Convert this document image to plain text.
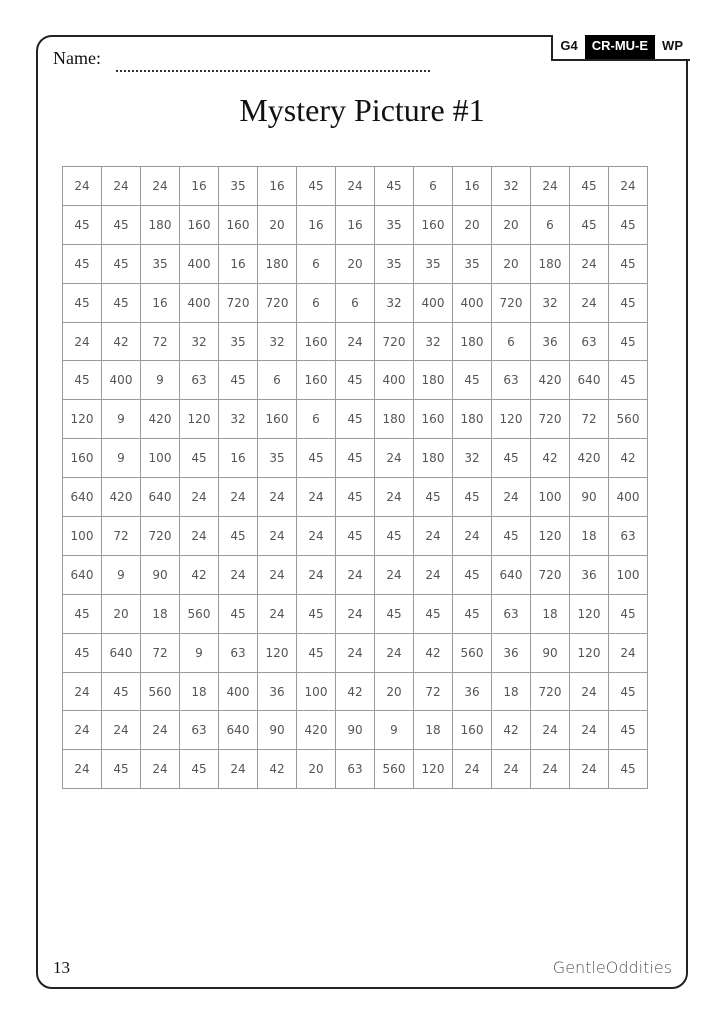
G4	CR-MU-E	WP
Name:
Mystery Picture #1
24	24	24	16	35	16	45	24	45	6	16	32	24	45	24
45	45	180	160	160	20	16	16	35	160	20	20	6	45	45
45	45	35	400	16	180	6	20	35	35	35	20	180	24	45
45	45	16	400	720	720	6	6	32	400	400	720	32	24	45
24	42	72	32	35	32	160	24	720	32	180	6	36	63	45
45	400	9	63	45	6	160	45	400	180	45	63	420	640	45
120	9	420	120	32	160	6	45	180	160	180	120	720	72	560
160	9	100	45	16	35	45	45	24	180	32	45	42	420	42
640	420	640	24	24	24	24	45	24	45	45	24	100	90	400
100	72	720	24	45	24	24	45	45	24	24	45	120	18	63
640	9	90	42	24	24	24	24	24	24	45	640	720	36	100
45	20	18	560	45	24	45	24	45	45	45	63	18	120	45
45	640	72	9	63	120	45	24	24	42	560	36	90	120	24
24	45	560	18	400	36	100	42	20	72	36	18	720	24	45
24	24	24	63	640	90	420	90	9	18	160	42	24	24	45
24	45	24	45	24	42	20	63	560	120	24	24	24	24	45
13	GentleOddities
